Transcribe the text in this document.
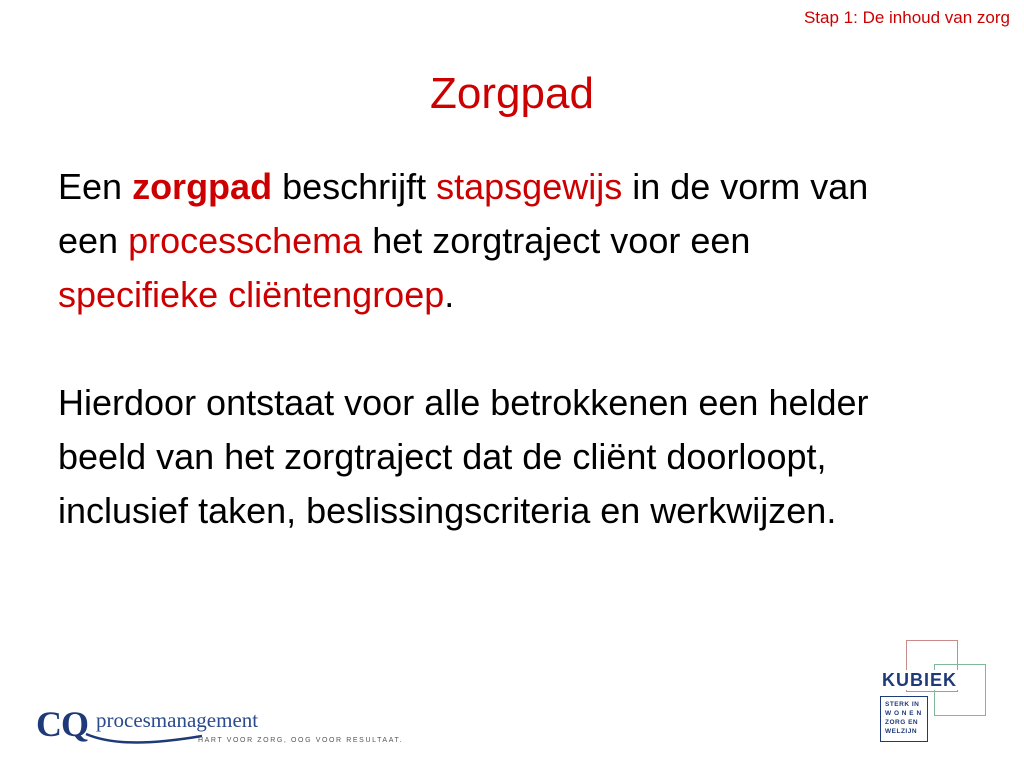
Stap 1: De inhoud van zorg
Zorgpad

Een zorgpad beschrijft stapsgewijs in de vorm van een processchema het zorgtraject voor een specifieke cliëntengroep.

Hierdoor ontstaat voor alle betrokkenen een helder beeld van het zorgtraject dat de cliënt doorloopt, inclusief taken, beslissingscriteria en werkwijzen.

CQ procesmanagement
HART VOOR ZORG, OOG VOOR RESULTAAT.
KUBIEK
STERK IN
W O N E N
ZORG EN
WELZIJN
